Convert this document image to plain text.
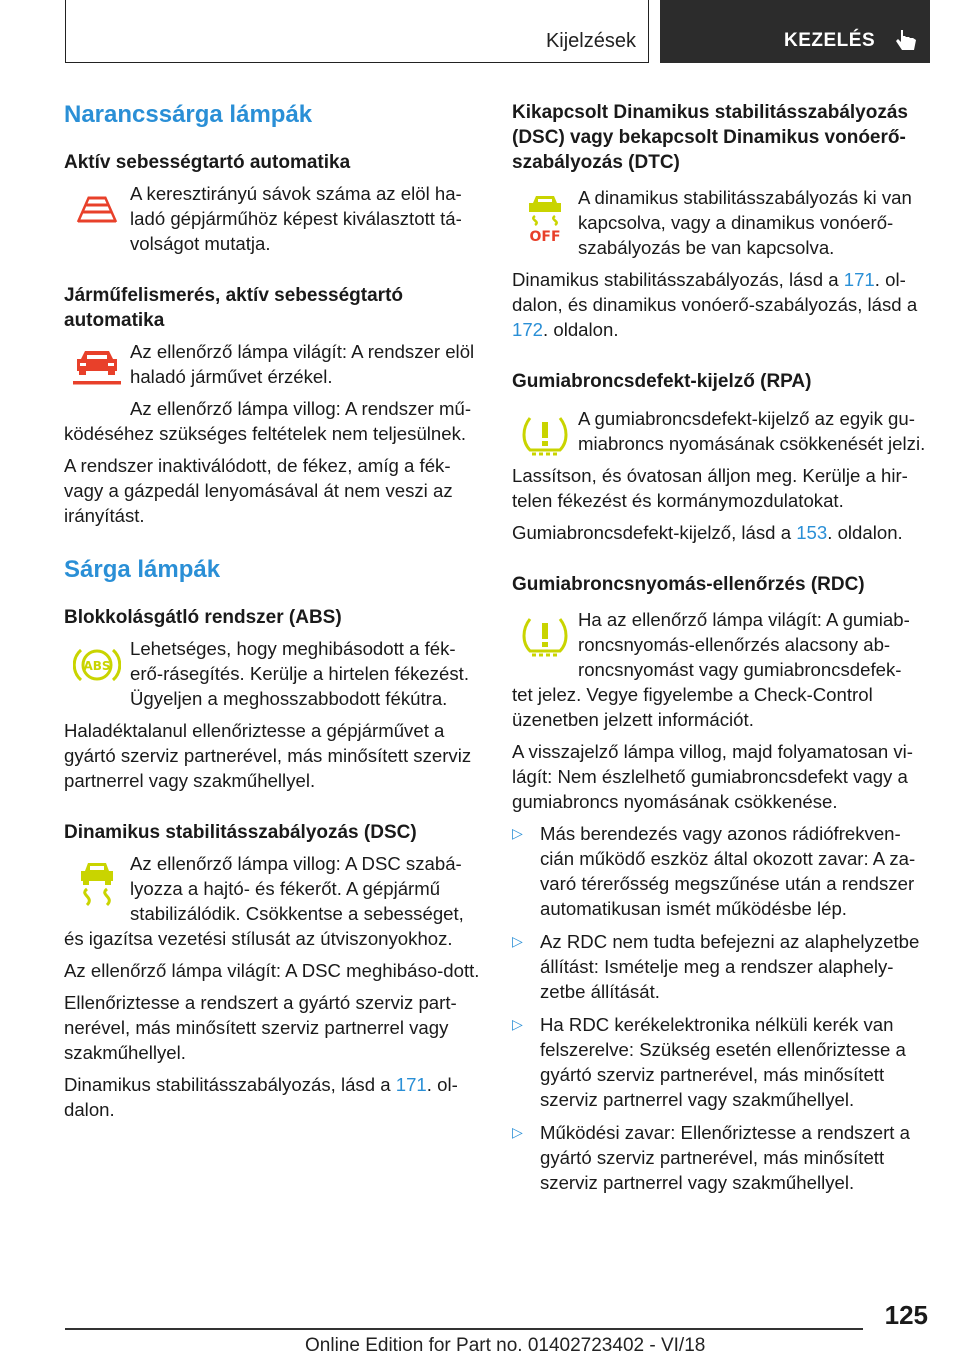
Kijelzések	KEZELÉS
Narancssárga lámpák
Aktív sebességtartó automatika

A keresztirányú sávok száma az elöl ha‐ladó gépjárműhöz képest kiválasztott tá‐volságot mutatja.

Járműfelismerés, aktív sebességtartó automatika

Az ellenőrző lámpa világít: A rendszer elöl haladó járművet érzékel.

Az ellenőrző lámpa villog: A rendszer mű‐

ködéséhez szükséges feltételek nem teljesülnek.

A rendszer inaktiválódott, de fékez, amíg a fék‐vagy a gázpedál lenyomásával át nem veszi az irányítást.

Sárga lámpák
Blokkolásgátló rendszer (ABS)
ABS

Lehetséges, hogy meghibásodott a fék‐erő-rásegítés. Kerülje a hirtelen fékezést. Ügyeljen a meghosszabbodott fékútra.

Haladéktalanul ellenőriztesse a gépjárművet a gyártó szerviz partnerével, más minősített szerviz partnerrel vagy szakműhellyel.

Dinamikus stabilitásszabályozás (DSC)

Az ellenőrző lámpa villog: A DSC szabá‐lyozza a hajtó- és fékerőt. A gépjármű stabilizálódik. Csökkentse a sebességet,

és igazítsa vezetési stílusát az útviszonyokhoz.

Az ellenőrző lámpa világít: A DSC meghibáso‐dott.

Ellenőriztesse a rendszert a gyártó szerviz part‐nerével, más minősített szerviz partnerrel vagy szakműhellyel.

Dinamikus stabilitásszabályozás, lásd a 171. ol‐dalon.

Kikapcsolt Dinamikus stabilitásszabályozás (DSC) vagy bekapcsolt Dinamikus vonóerő-szabályozás (DTC)
OFF

A dinamikus stabilitásszabályozás ki van kapcsolva, vagy a dinamikus vonóerő-szabályozás be van kapcsolva.

Dinamikus stabilitásszabályozás, lásd a 171. ol‐dalon, és dinamikus vonóerő-szabályozás, lásd a 172. oldalon.

Gumiabroncsdefekt-kijelző (RPA)

A gumiabroncsdefekt-kijelző az egyik gu‐miabroncs nyomásának csökkenését jelzi.

Lassítson, és óvatosan álljon meg. Kerülje a hir‐telen fékezést és kormánymozdulatokat.

Gumiabroncsdefekt-kijelző, lásd a 153. oldalon.

Gumiabroncsnyomás-ellenőrzés (RDC)

Ha az ellenőrző lámpa világít: A gumiab‐roncsnyomás-ellenőrzés alacsony ab‐roncsnyomást vagy gumiabroncsdefek‐

tet jelez. Vegye figyelembe a Check-Control üzenetben jelzett információt.

A visszajelző lámpa villog, majd folyamatosan vi‐lágít: Nem észlelhető gumiabroncsdefekt vagy a gumiabroncs nyomásának csökkenése.

▷ Más berendezés vagy azonos rádiófrekven‐cián működő eszköz által okozott zavar: A za‐varó térerősség megszűnése után a rendszer automatikusan ismét működésbe lép.
▷ Az RDC nem tudta befejezni az alaphelyzetbe állítást: Ismételje meg a rendszer alaphely‐zetbe állítását.
▷ Ha RDC kerékelektronika nélküli kerék van felszerelve: Szükség esetén ellenőriztesse a gyártó szerviz partnerével, más minősített szerviz partnerrel vagy szakműhellyel.
▷ Működési zavar: Ellenőriztesse a rendszert a gyártó szerviz partnerével, más minősített szerviz partnerrel vagy szakműhellyel.
125
Online Edition for Part no. 01402723402 - VI/18
